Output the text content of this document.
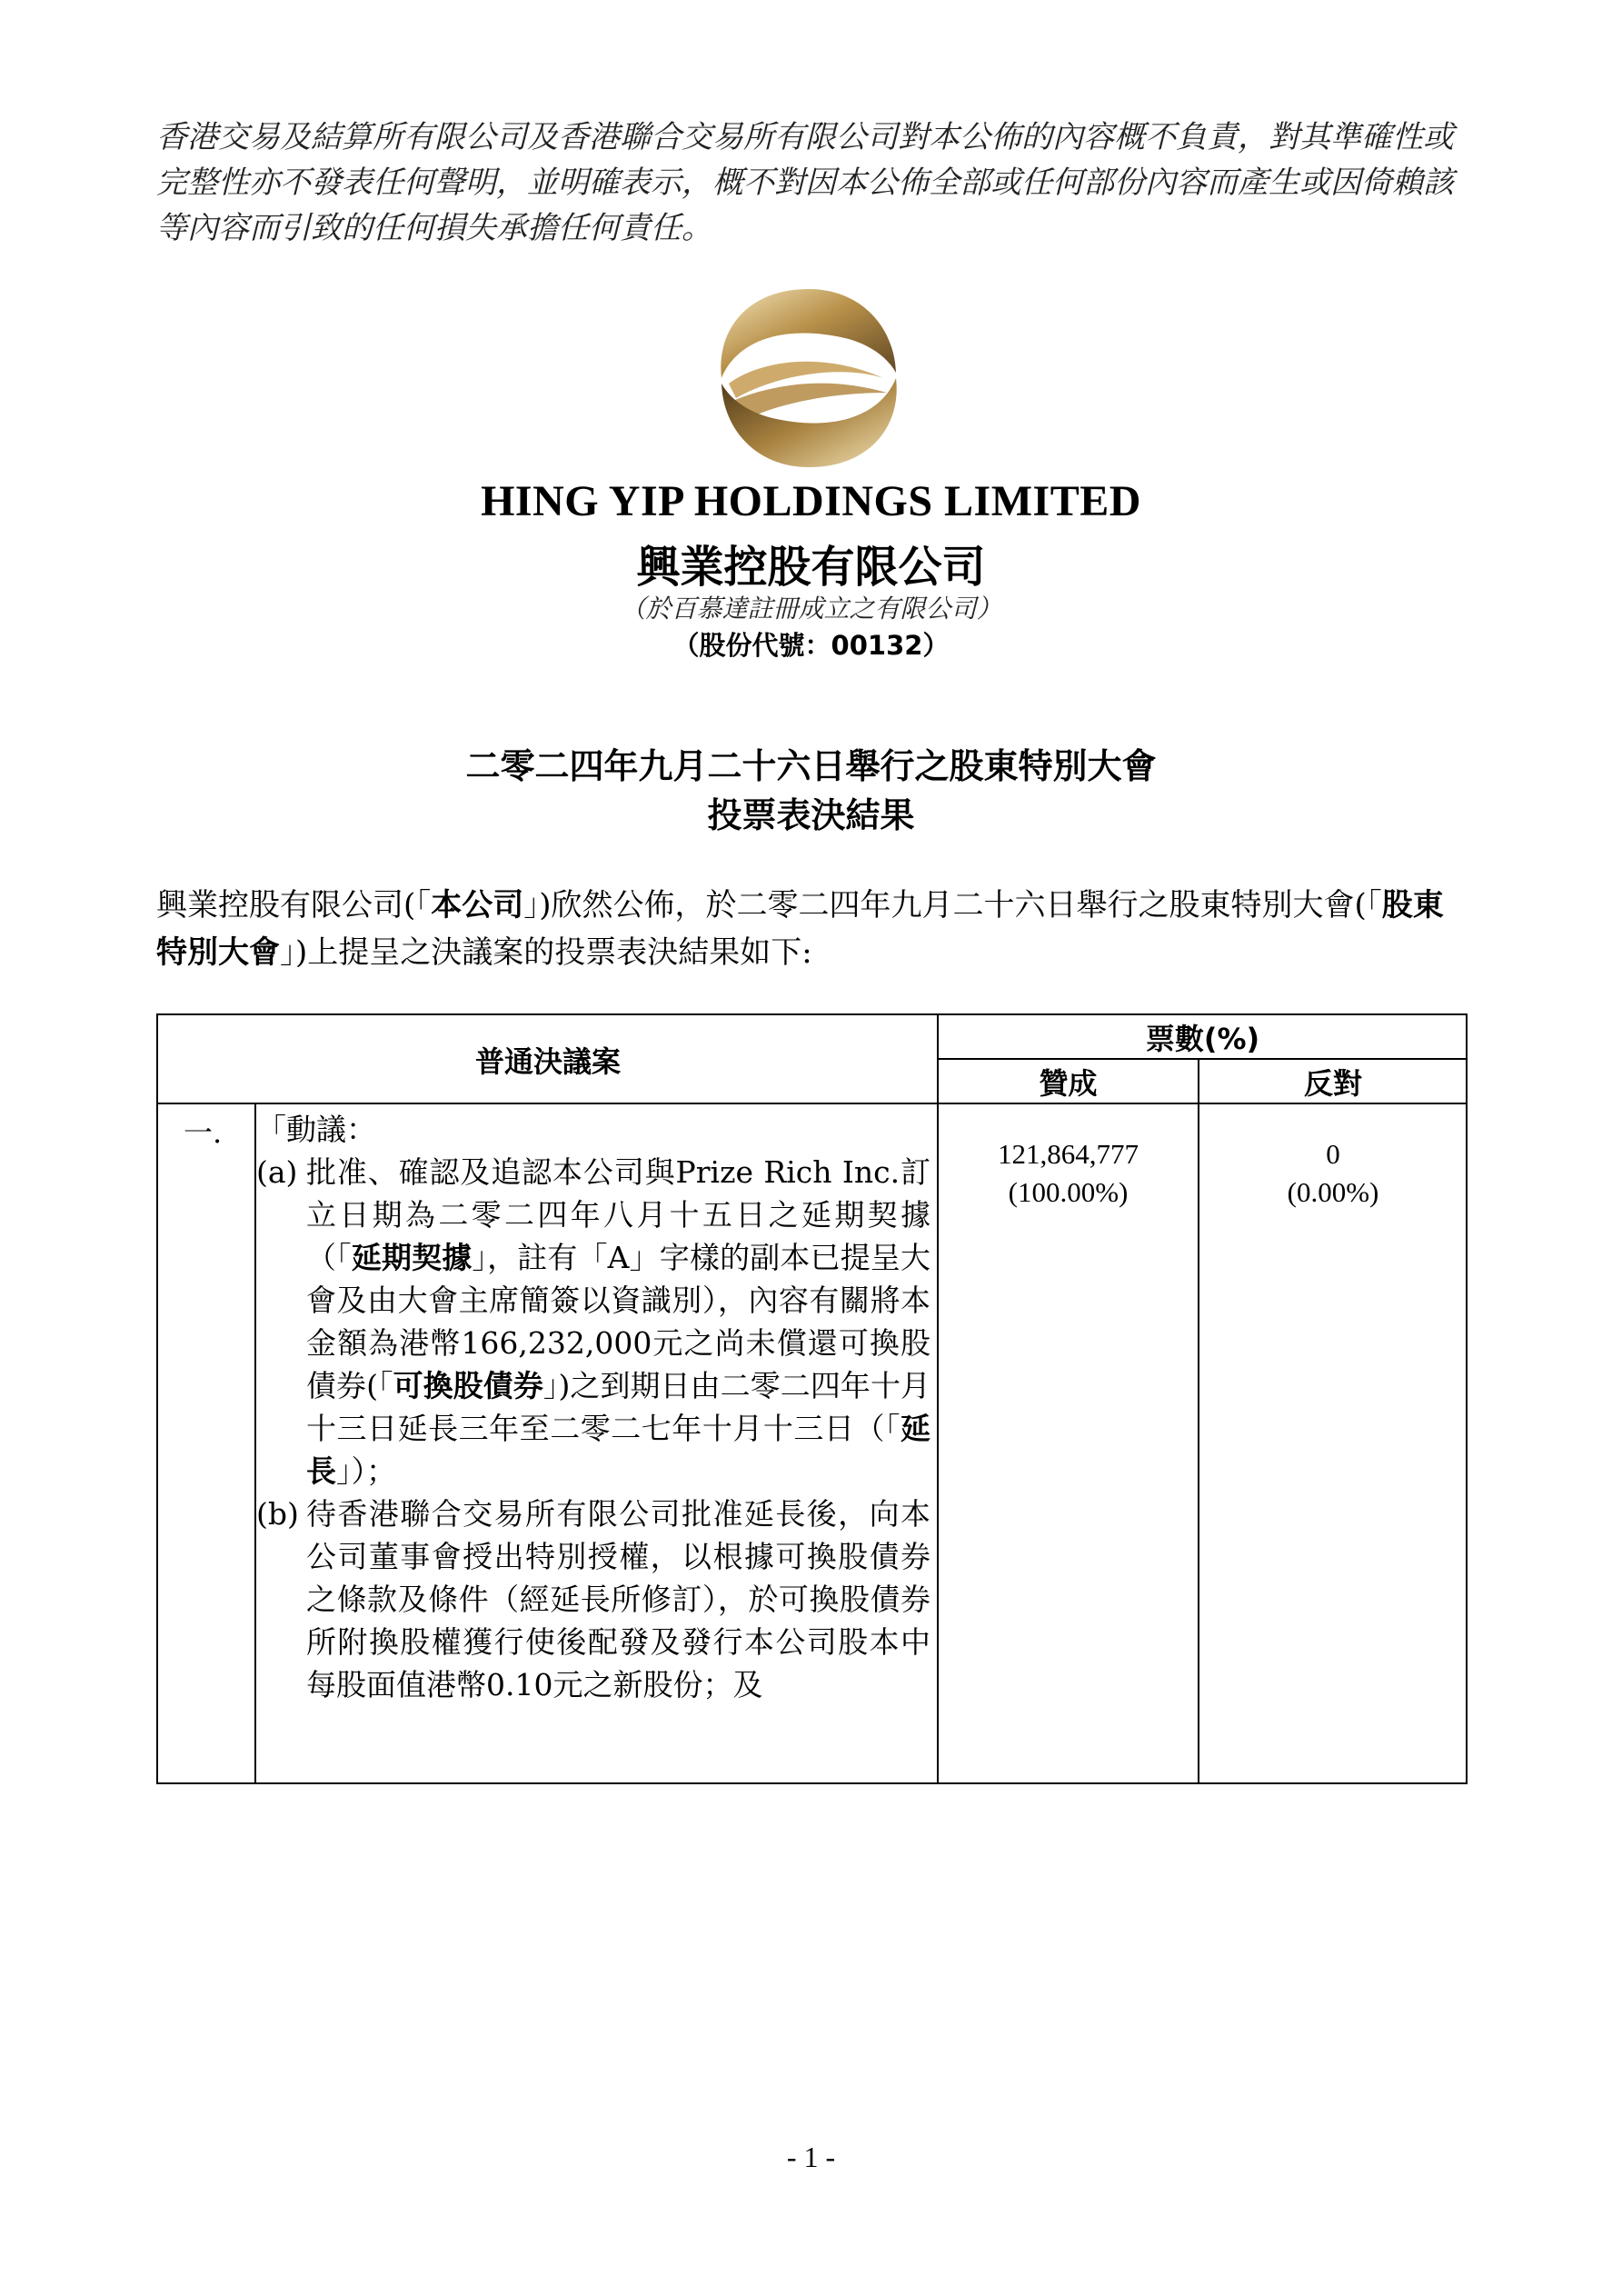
香港交易及結算所有限公司及香港聯合交易所有限公司對本公佈的內容概不負責，對其準確性或完整性亦不發表任何聲明，並明確表示，概不對因本公佈全部或任何部份內容而產生或因倚賴該等內容而引致的任何損失承擔任何責任。
HING YIP HOLDINGS LIMITED
興業控股有限公司
（於百慕達註冊成立之有限公司）
（股份代號：00132）
二零二四年九月二十六日舉行之股東特別大會
投票表決結果
興業控股有限公司(「本公司」)欣然公佈，於二零二四年九月二十六日舉行之股東特別大會(「股東特別大會」)上提呈之決議案的投票表決結果如下:
普通決議案
票數(%)
贊成	反對
一. 「動議：
(a) 批准、確認及追認本公司與Prize Rich Inc.訂立日期為二零二四年八月十五日之延期契據（「延期契據」，註有「A」字樣的副本已提呈大會及由大會主席簡簽以資識別），內容有關將本金額為港幣166,232,000元之尚未償還可換股債券(「可換股債券」)之到期日由二零二四年十月十三日延長三年至二零二七年十月十三日（「延長」）；
(b) 待香港聯合交易所有限公司批准延長後，向本公司董事會授出特別授權，以根據可換股債券之條款及條件（經延長所修訂），於可換股債券所附換股權獲行使後配發及發行本公司股本中每股面值港幣0.10元之新股份；及
121,864,777
(100.00%)
0
(0.00%)
- 1 -
